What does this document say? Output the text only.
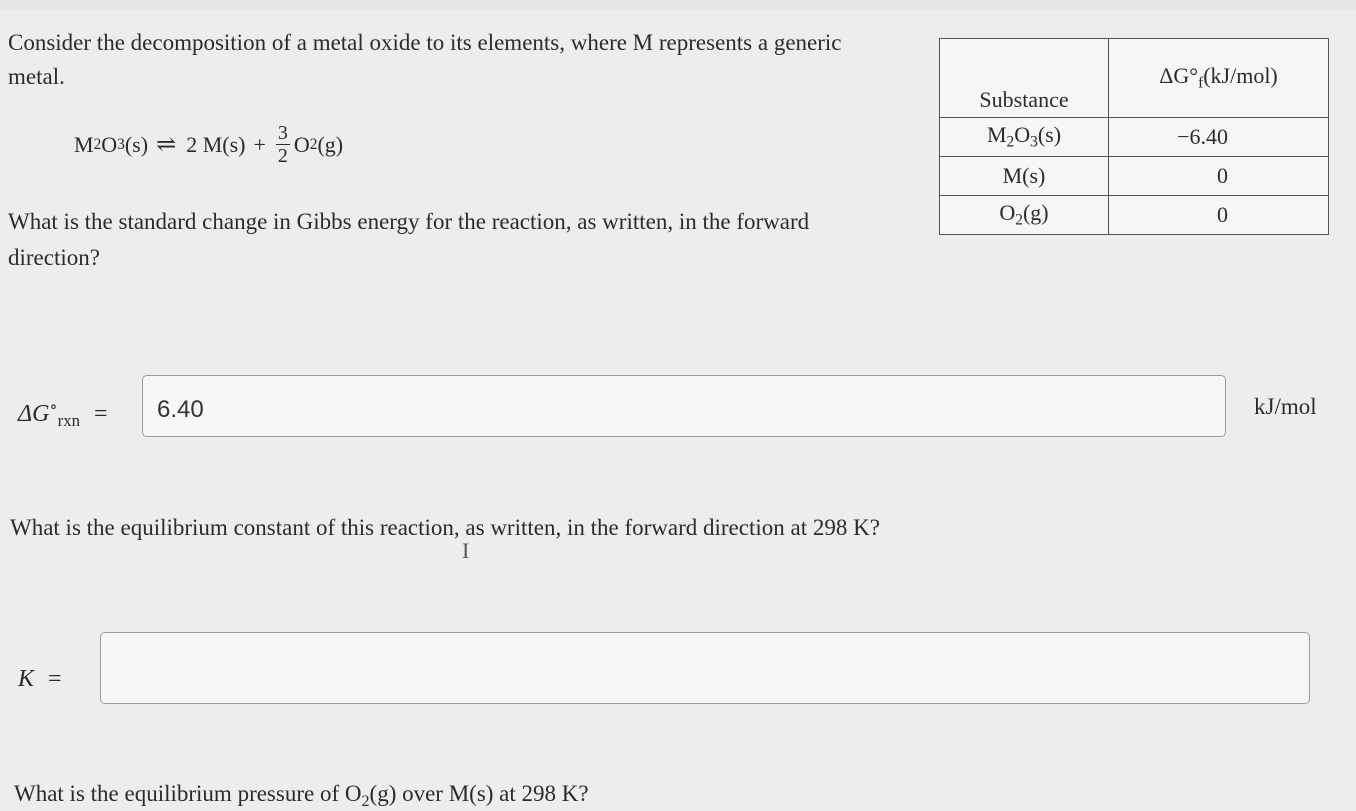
Consider the decomposition of a metal oxide to its elements, where M represents a generic metal.
M 2 O 3 (s) ⇌ 2 $M(s) + \frac{3}{2}$ O 2 (g)
What is the standard change in Gibbs energy for the reaction, as written, in the forward direction?
Substance	$\Delta G^\circ_f(kJ/mol)$
$M_2O_3(s)$	−6.40
M(s)	0
$O_2(g)$	0
$\Delta G^\circ_{rxn}$ =	6.40	kJ/mol
What is the equilibrium constant of this reaction, as written, in the forward direction at 298 K?
I
K =
What is the equilibrium pressure of $O_2(g)$ over M(s) at 298 K?
